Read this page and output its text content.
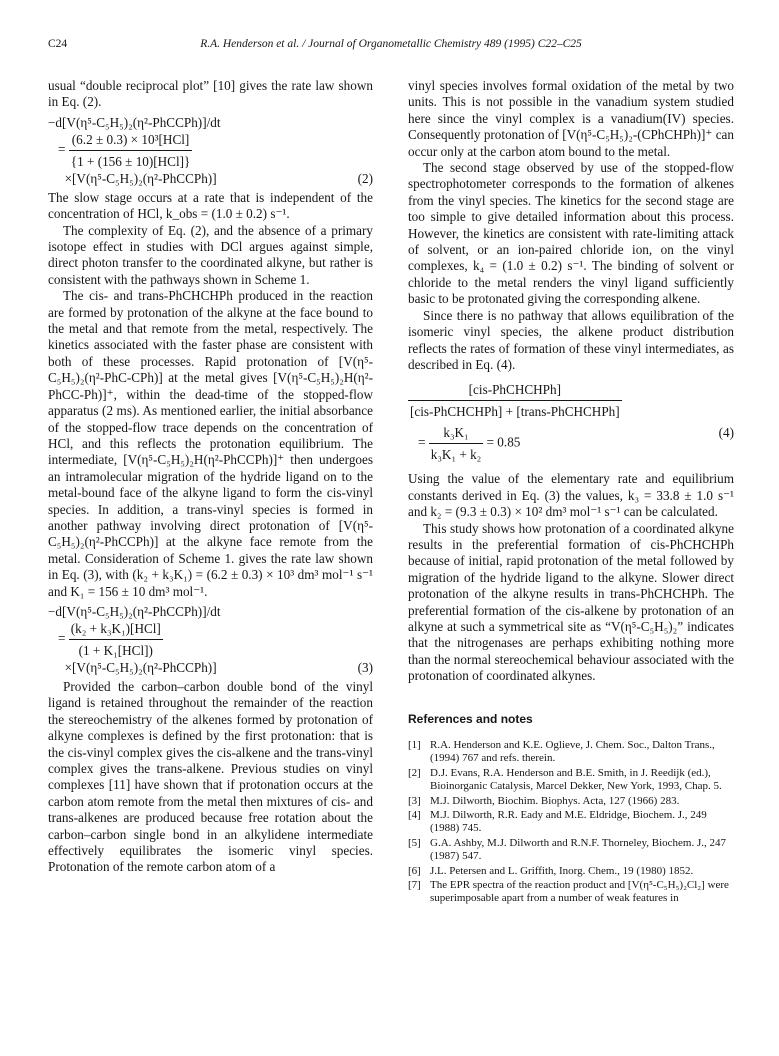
C24	R.A. Henderson et al. / Journal of Organometallic Chemistry 489 (1995) C22–C25

usual “double reciprocal plot” [10] gives the rate law shown in Eq. (2).

−d[V(η⁵-C₅H₅)₂(η²-PhCCPh)]/dt
= $\frac{\text{(6.2 ± 0.3) × 10³[HCl]}}{\text{\{1 + (156 ± 10)[HCl]\}}}$
×[V(η⁵-C₅H₅)₂(η²-PhCCPh)]	(2)

The slow stage occurs at a rate that is independent of the concentration of HCl, k_obs = (1.0 ± 0.2) s⁻¹.

The complexity of Eq. (2), and the absence of a primary isotope effect in studies with DCl argues against simple, direct photon transfer to the coordinated alkyne, but rather is consistent with the pathways shown in Scheme 1.

The cis- and trans-PhCHCHPh produced in the reaction are formed by protonation of the alkyne at the face bound to the metal and that remote from the metal, respectively. The kinetics associated with the faster phase are consistent with both of these processes. Rapid protonation of [V(η⁵-C₅H₅)₂(η²-PhC-CPh)] at the metal gives [V(η⁵-C₅H₅)₂H(η²-PhCC-Ph)]⁺, within the dead-time of the stopped-flow apparatus (2 ms). As mentioned earlier, the initial absorbance of the stopped-flow trace depends on the concentration of HCl, and this reflects the protonation equilibrium. The intermediate, [V(η⁵-C₅H₅)₂H(η²-PhCCPh)]⁺ then undergoes an intramolecular migration of the hydride ligand on to the metal-bound face of the alkyne ligand to form the cis-vinyl species. In addition, a trans-vinyl species is formed in another pathway involving direct protonation of [V(η⁵-C₅H₅)₂(η²-PhCCPh)] at the alkyne face remote from the metal. Consideration of Scheme 1. gives the rate law shown in Eq. (3), with (k₂ + k₃K₁) = (6.2 ± 0.3) × 10³ dm³ mol⁻¹ s⁻¹ and K₁ = 156 ± 10 dm³ mol⁻¹.

−d[V(η⁵-C₅H₅)₂(η²-PhCCPh)]/dt
= $\frac{\text{(k₂ + k₃K₁)[HCl]}}{\text{(1 + K₁[HCl])}}$
×[V(η⁵-C₅H₅)₂(η²-PhCCPh)]	(3)

Provided the carbon–carbon double bond of the vinyl ligand is retained throughout the remainder of the reaction the stereochemistry of the alkenes formed by protonation of alkyne complexes is defined by the first protonation: that is the cis-vinyl complex gives the cis-alkene and the trans-vinyl complex gives the trans-alkene. Previous studies on vinyl complexes [11] have shown that if protonation occurs at the carbon atom remote from the metal then mixtures of cis- and trans-alkenes are produced because free rotation about the carbon–carbon single bond in an alkylidene intermediate effectively equilibrates the isomeric vinyl species. Protonation of the remote carbon atom of a

vinyl species involves formal oxidation of the metal by two units. This is not possible in the vanadium system studied here since the vinyl complex is a vanadium(IV) species. Consequently protonation of [V(η⁵-C₅H₅)₂-(CPhCHPh)]⁺ can occur only at the carbon atom bound to the metal.

The second stage observed by use of the stopped-flow spectrophotometer corresponds to the formation of alkenes from the vinyl species. The kinetics for the second stage are too simple to give detailed information about this process. However, the kinetics are consistent with rate-limiting attack of solvent, or an ion-paired chloride ion, on the vinyl complexes, k₄ = (1.0 ± 0.2) s⁻¹. The binding of solvent or chloride to the metal renders the vinyl ligand sufficiently basic to be protonated giving the corresponding alkene.

Since there is no pathway that allows equilibration of the isomeric vinyl species, the alkene product distribution reflects the rates of formation of these vinyl intermediates, as described in Eq. (4).

$\frac{\text{[cis-PhCHCHPh]}}{\text{[cis-PhCHCHPh] + [trans-PhCHCHPh]}}$
= $\frac{\text{k₃K₁}}{\text{k₃K₁ + k₂}} = 0.85$
(4)

Using the value of the elementary rate and equilibrium constants derived in Eq. (3) the values, k₃ = 33.8 ± 1.0 s⁻¹ and k₂ = (9.3 ± 0.3) × 10² dm³ mol⁻¹ s⁻¹ can be calculated.

This study shows how protonation of a coordinated alkyne results in the preferential formation of cis-PhCHCHPh because of initial, rapid protonation of the metal followed by migration of the hydride ligand to the alkyne. Slower direct protonation of the alkyne results in trans-PhCHCHPh. The preferential formation of the cis-alkene by protonation of an alkyne at such a symmetrical site as “V(η⁵-C₅H₅)₂” indicates that the nitrogenases are perhaps exhibiting nothing more than the normal stereochemical behaviour associated with the protonation of coordinated alkynes.

References and notes
[1] R.A. Henderson and K.E. Oglieve, J. Chem. Soc., Dalton Trans., (1994) 767 and refs. therein.
[2] D.J. Evans, R.A. Henderson and B.E. Smith, in J. Reedijk (ed.), Bioinorganic Catalysis, Marcel Dekker, New York, 1993, Chap. 5.
[3] M.J. Dilworth, Biochim. Biophys. Acta, 127 (1966) 283.
[4] M.J. Dilworth, R.R. Eady and M.E. Eldridge, Biochem. J., 249 (1988) 745.
[5] G.A. Ashby, M.J. Dilworth and R.N.F. Thorneley, Biochem. J., 247 (1987) 547.
[6] J.L. Petersen and L. Griffith, Inorg. Chem., 19 (1980) 1852.
[7] The EPR spectra of the reaction product and [V(η⁵-C₅H₅)₂Cl₂] were superimposable apart from a number of weak features in
